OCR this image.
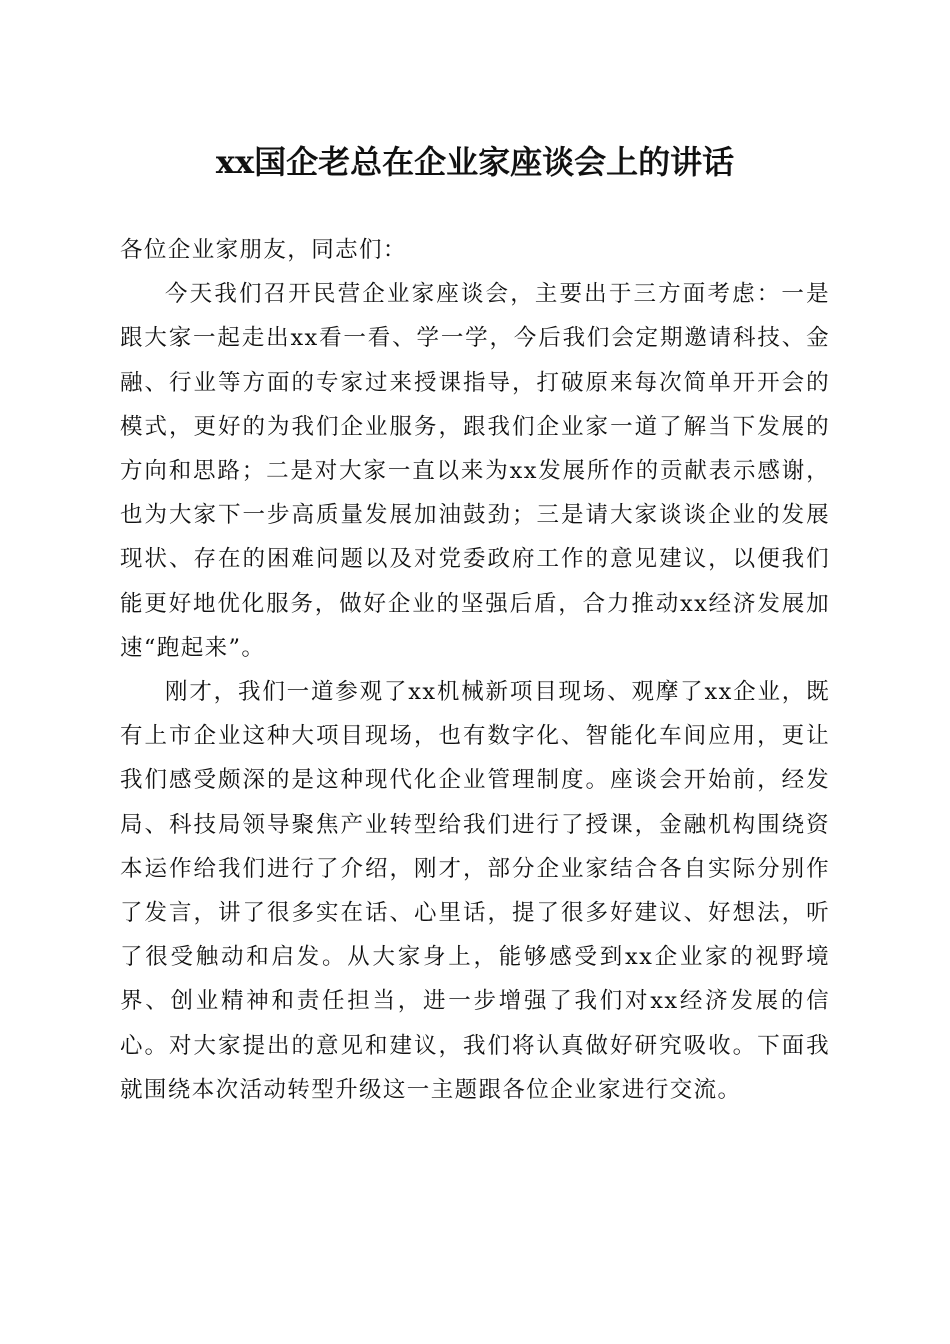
xx国企老总在企业家座谈会上的讲话

各位企业家朋友，同志们：

今天我们召开民营企业家座谈会，主要出于三方面考虑：一是跟大家一起走出xx看一看、学一学，今后我们会定期邀请科技、金融、行业等方面的专家过来授课指导，打破原来每次简单开开会的模式，更好的为我们企业服务，跟我们企业家一道了解当下发展的方向和思路；二是对大家一直以来为xx发展所作的贡献表示感谢，也为大家下一步高质量发展加油鼓劲；三是请大家谈谈企业的发展现状、存在的困难问题以及对党委政府工作的意见建议，以便我们能更好地优化服务，做好企业的坚强后盾，合力推动xx经济发展加速“跑起来”。

刚才，我们一道参观了xx机械新项目现场、观摩了xx企业，既有上市企业这种大项目现场，也有数字化、智能化车间应用，更让我们感受颇深的是这种现代化企业管理制度。座谈会开始前，经发局、科技局领导聚焦产业转型给我们进行了授课，金融机构围绕资本运作给我们进行了介绍，刚才，部分企业家结合各自实际分别作了发言，讲了很多实在话、心里话，提了很多好建议、好想法，听了很受触动和启发。从大家身上，能够感受到xx企业家的视野境界、创业精神和责任担当，进一步增强了我们对xx经济发展的信心。对大家提出的意见和建议，我们将认真做好研究吸收。下面我就围绕本次活动转型升级这一主题跟各位企业家进行交流。
